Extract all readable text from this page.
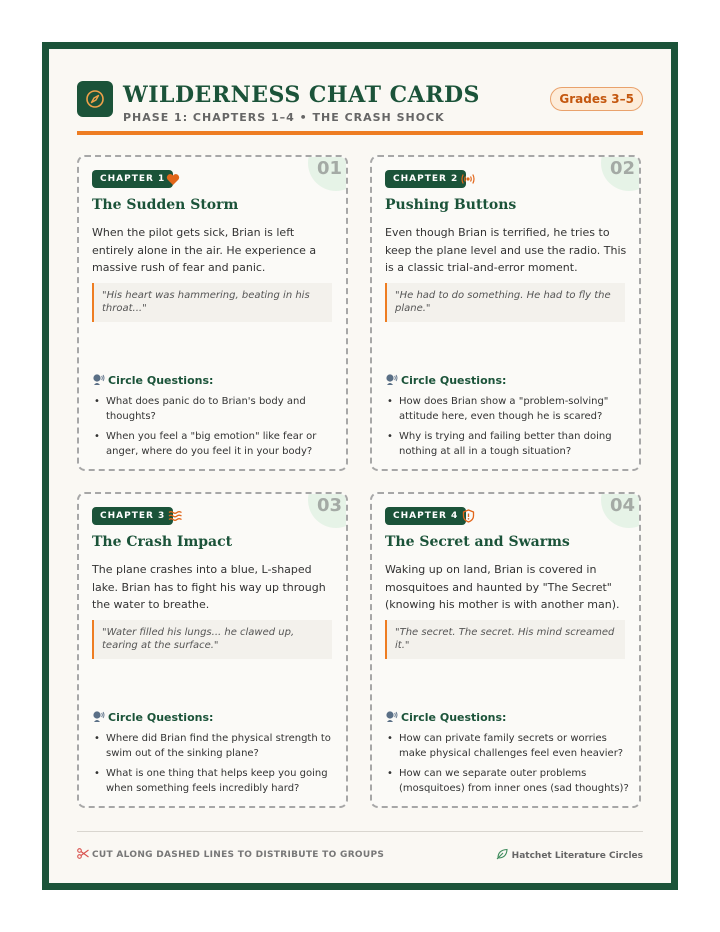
WILDERNESS CHAT CARDS
PHASE 1: CHAPTERS 1–4 • THE CRASH SHOCK
Grades 3–5
01
CHAPTER 1
The Sudden Storm
When the pilot gets sick, Brian is left entirely alone in the air. He experience a massive rush of fear and panic.
"His heart was hammering, beating in his throat..."
Circle Questions:
• What does panic do to Brian's body and thoughts?
• When you feel a "big emotion" like fear or anger, where do you feel it in your body?
02
CHAPTER 2
Pushing Buttons
Even though Brian is terrified, he tries to keep the plane level and use the radio. This is a classic trial-and-error moment.
"He had to do something. He had to fly the plane."
Circle Questions:
• How does Brian show a "problem-solving" attitude here, even though he is scared?
• Why is trying and failing better than doing nothing at all in a tough situation?
03
CHAPTER 3
The Crash Impact
The plane crashes into a blue, L-shaped lake. Brian has to fight his way up through the water to breathe.
"Water filled his lungs... he clawed up, tearing at the surface."
Circle Questions:
• Where did Brian find the physical strength to swim out of the sinking plane?
• What is one thing that helps keep you going when something feels incredibly hard?
04
CHAPTER 4
The Secret and Swarms
Waking up on land, Brian is covered in mosquitoes and haunted by "The Secret" (knowing his mother is with another man).
"The secret. The secret. His mind screamed it."
Circle Questions:
• How can private family secrets or worries make physical challenges feel even heavier?
• How can we separate outer problems (mosquitoes) from inner ones (sad thoughts)?
CUT ALONG DASHED LINES TO DISTRIBUTE TO GROUPS	Hatchet Literature Circles
